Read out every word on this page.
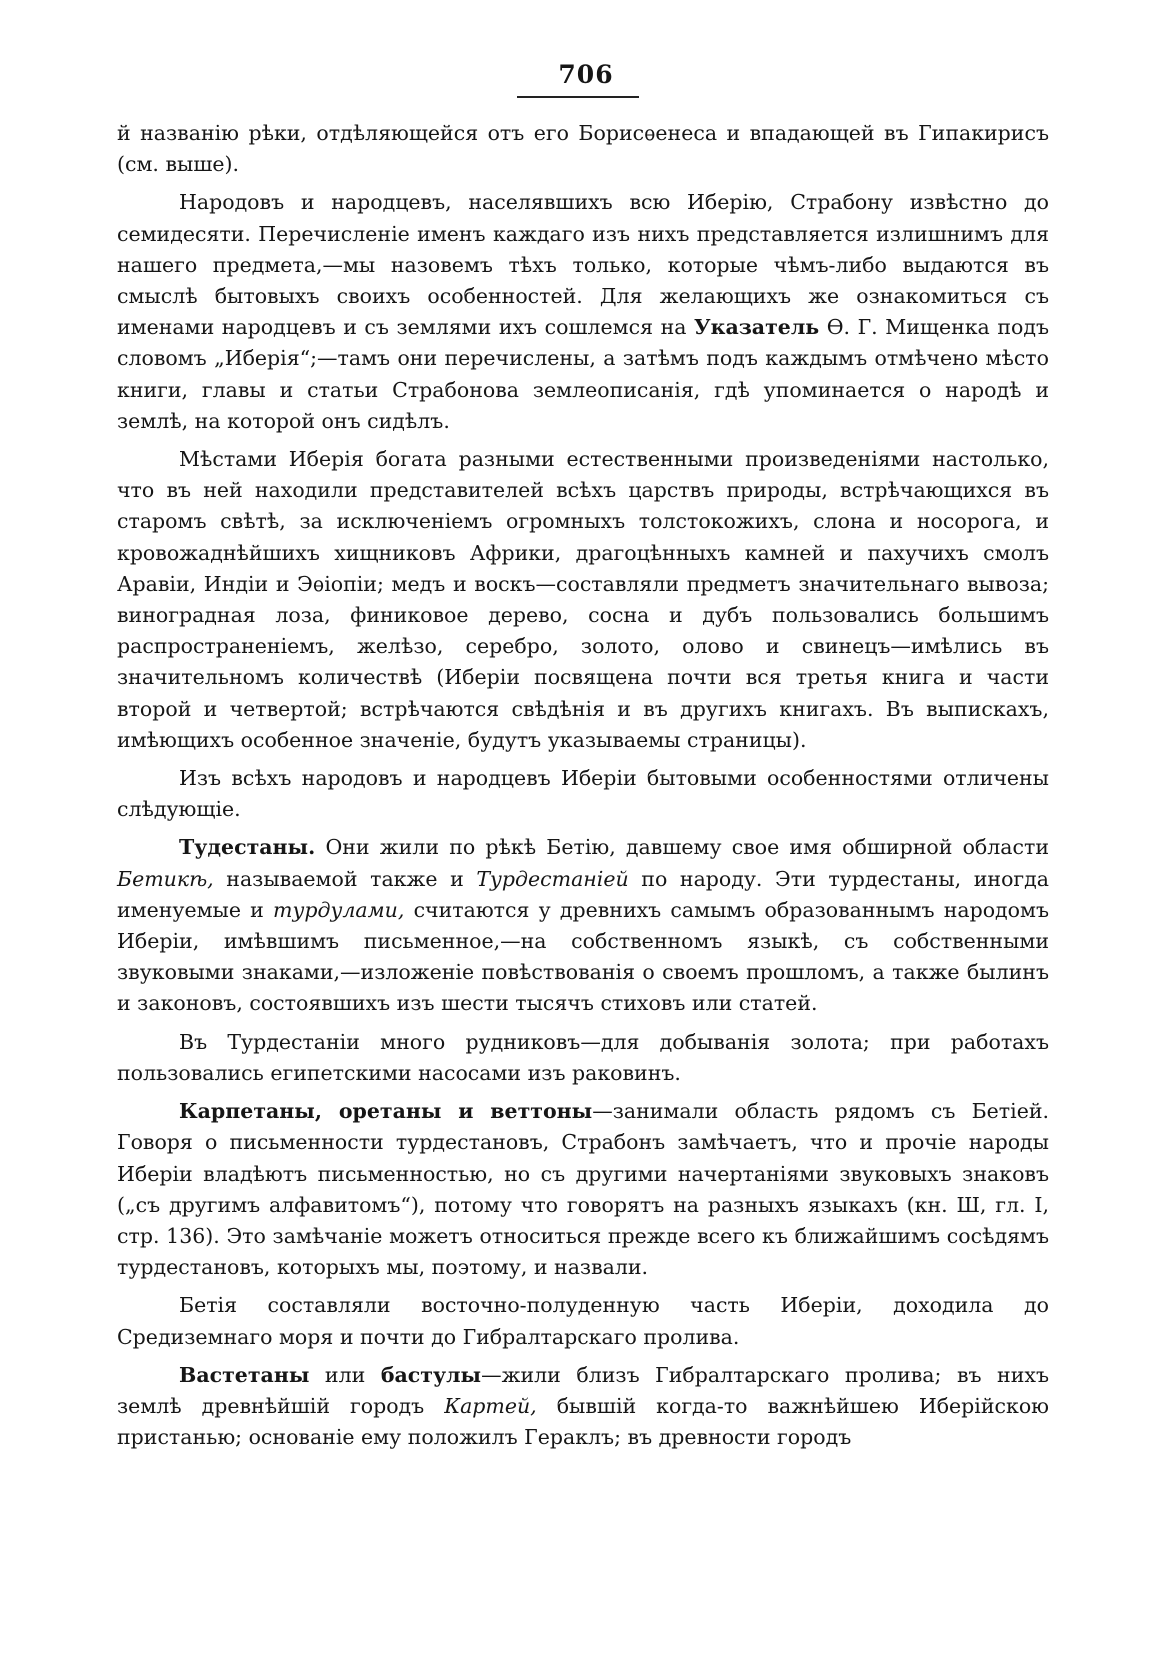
706

й названію рѣки, отдѣляющейся отъ его Борисѳенеса и впадающей въ Гипакирисъ (см. выше).

Народовъ и народцевъ, населявшихъ всю Иберію, Страбону извѣстно до семидесяти. Перечисленіе именъ каждаго изъ нихъ представляется излишнимъ для нашего предмета,—мы назовемъ тѣхъ только, которые чѣмъ-либо выдаются въ смыслѣ бытовыхъ своихъ особенностей. Для желающихъ же ознакомиться съ именами народцевъ и съ землями ихъ сошлемся на Указатель Ѳ. Г. Мищенка подъ словомъ „Иберія“;—тамъ они перечислены, а затѣмъ подъ каждымъ отмѣчено мѣсто книги, главы и статьи Страбонова землеописанія, гдѣ упоминается о народѣ и землѣ, на которой онъ сидѣлъ.

Мѣстами Иберія богата разными естественными произведеніями настолько, что въ ней находили представителей всѣхъ царствъ природы, встрѣчающихся въ старомъ свѣтѣ, за исключеніемъ огромныхъ толстокожихъ, слона и носорога, и кровожаднѣйшихъ хищниковъ Африки, драгоцѣнныхъ камней и пахучихъ смолъ Аравіи, Индіи и Эѳіопіи; медъ и воскъ—составляли предметъ значительнаго вывоза; виноградная лоза, финиковое дерево, сосна и дубъ пользовались большимъ распространеніемъ, желѣзо, серебро, золото, олово и свинецъ—имѣлись въ значительномъ количествѣ (Иберіи посвящена почти вся третья книга и части второй и четвертой; встрѣчаются свѣдѣнія и въ другихъ книгахъ. Въ выпискахъ, имѣющихъ особенное значеніе, будутъ указываемы страницы).

Изъ всѣхъ народовъ и народцевъ Иберіи бытовыми особенностями отличены слѣдующіе.

Тудестаны. Они жили по рѣкѣ Бетію, давшему свое имя обширной области Бетикѣ, называемой также и Турдестаніей по народу. Эти турдестаны, иногда именуемые и турдулами, считаются у древнихъ самымъ образованнымъ народомъ Иберіи, имѣвшимъ письменное,—на собственномъ языкѣ, съ собственными звуковыми знаками,—изложеніе повѣствованія о своемъ прошломъ, а также былинъ и законовъ, состоявшихъ изъ шести тысячъ стиховъ или статей.

Въ Турдестаніи много рудниковъ—для добыванія золота; при работахъ пользовались египетскими насосами изъ раковинъ.

Карпетаны, оретаны и веттоны—занимали область рядомъ съ Бетіей. Говоря о письменности турдестановъ, Страбонъ замѣчаетъ, что и прочіе народы Иберіи владѣютъ письменностью, но съ другими начертаніями звуковыхъ знаковъ („съ другимъ алфавитомъ“), потому что говорятъ на разныхъ языкахъ (кн. Ш, гл. I, стр. 136). Это замѣчаніе можетъ относиться прежде всего къ ближайшимъ сосѣдямъ турдестановъ, которыхъ мы, поэтому, и назвали.

Бетія составляли восточно-полуденную часть Иберіи, доходила до Средиземнаго моря и почти до Гибралтарскаго пролива.

Вастетаны или бастулы—жили близъ Гибралтарскаго пролива; въ нихъ землѣ древнѣйшій городъ Картей, бывшій когда-то важнѣйшею Иберійскою пристанью; основаніе ему положилъ Гераклъ; въ древности городъ
